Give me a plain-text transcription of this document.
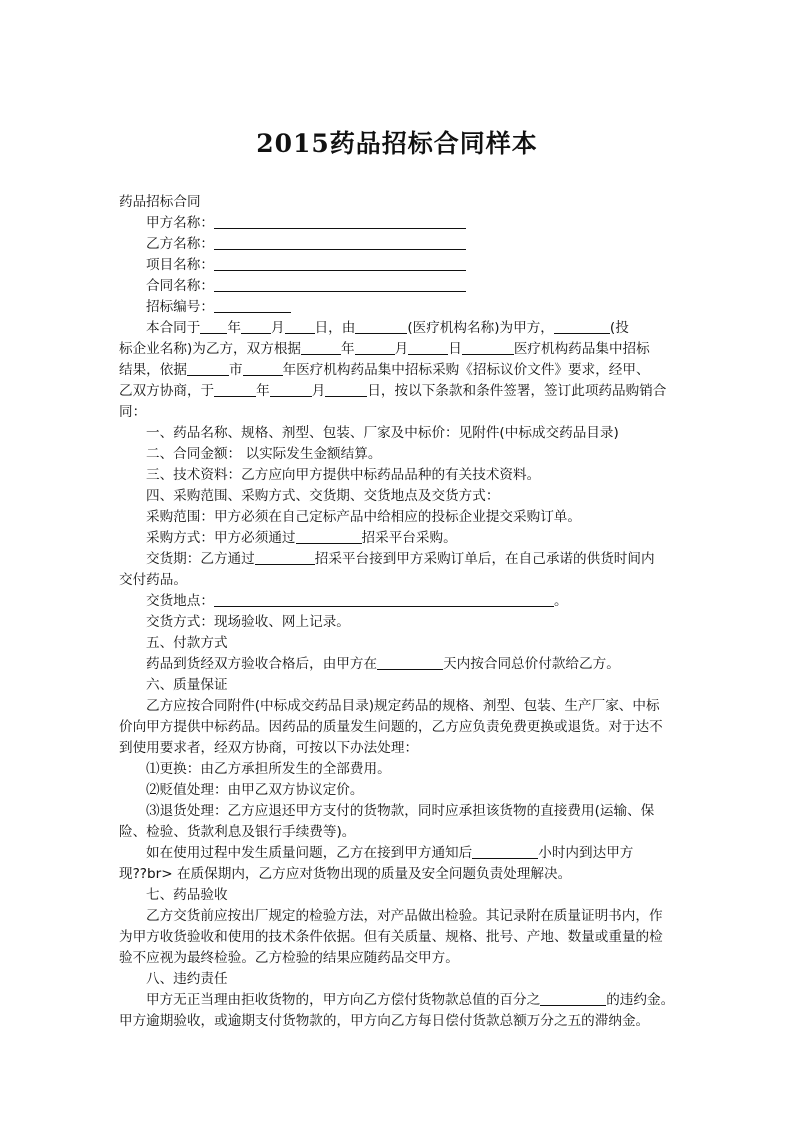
2015药品招标合同样本
药品招标合同
甲方名称：
乙方名称：
项目名称：
合同名称：
招标编号：
本合同于 年 月 日，由	(医疗机构名称)为甲方，	(投
标企业名称)为乙方，双方根据	年	月	日	医疗机构药品集中招标
结果，依据	市	年医疗机构药品集中招标采购《招标议价文件》要求，经甲、
乙双方协商，于	年	月	日，按以下条款和条件签署，签订此项药品购销合
同：
一、药品名称、规格、剂型、包装、厂家及中标价：见附件(中标成交药品目录)
二、合同金额： 以实际发生金额结算。
三、技术资料：乙方应向甲方提供中标药品品种的有关技术资料。
四、采购范围、采购方式、交货期、交货地点及交货方式：
采购范围：甲方必须在自己定标产品中给相应的投标企业提交采购订单。
采购方式：甲方必须通过	招采平台采购。
交货期：乙方通过	招采平台接到甲方采购订单后，在自己承诺的供货时间内
交付药品。
交货地点：	。
交货方式：现场验收、网上记录。
五、付款方式
药品到货经双方验收合格后，由甲方在	天内按合同总价付款给乙方。
六、质量保证
乙方应按合同附件(中标成交药品目录)规定药品的规格、剂型、包装、生产厂家、中标
价向甲方提供中标药品。因药品的质量发生问题的，乙方应负责免费更换或退货。对于达不
到使用要求者，经双方协商，可按以下办法处理：
⑴更换：由乙方承担所发生的全部费用。
⑵贬值处理：由甲乙双方协议定价。
⑶退货处理：乙方应退还甲方支付的货物款，同时应承担该货物的直接费用(运输、保
险、检验、货款利息及银行手续费等)。
如在使用过程中发生质量问题，乙方在接到甲方通知后	小时内到达甲方
现??br> 在质保期内，乙方应对货物出现的质量及安全问题负责处理解决。
七、药品验收
乙方交货前应按出厂规定的检验方法，对产品做出检验。其记录附在质量证明书内，作
为甲方收货验收和使用的技术条件依据。但有关质量、规格、批号、产地、数量或重量的检
验不应视为最终检验。乙方检验的结果应随药品交甲方。
八、违约责任
甲方无正当理由拒收货物的，甲方向乙方偿付货物款总值的百分之	的违约金。
甲方逾期验收，或逾期支付货物款的，甲方向乙方每日偿付货款总额万分之五的滞纳金。
